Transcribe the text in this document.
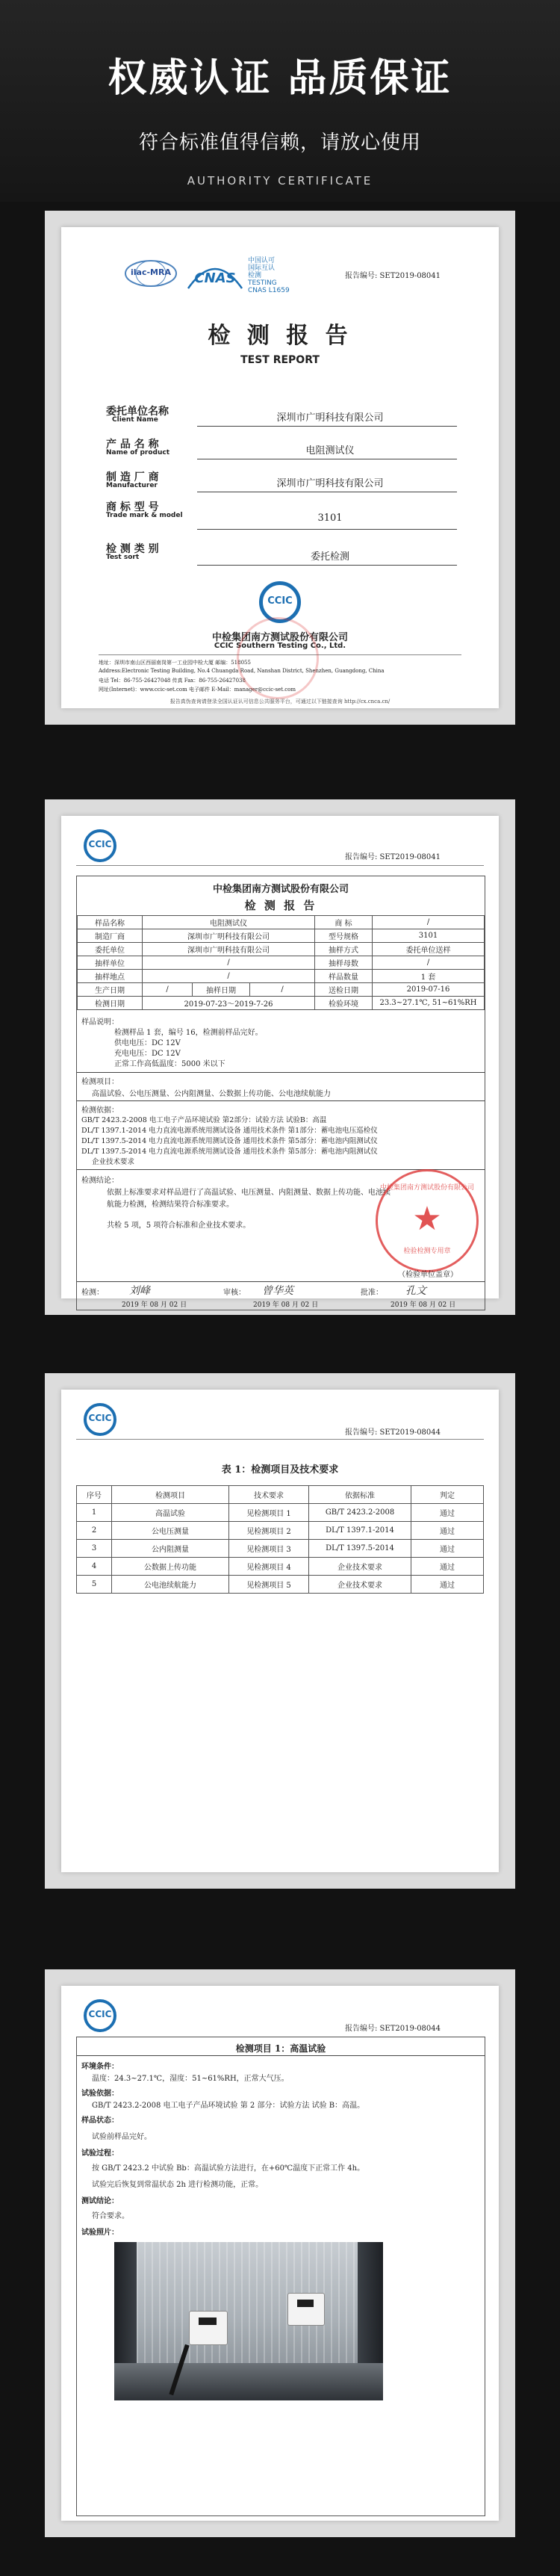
权威认证 品质保证
符合标准值得信赖，请放心使用
AUTHORITY CERTIFICATE
ilac-MRA	CNAS
中国认可
国际互认
检测
TESTING
CNAS L1659
报告编号: SET2019-08041
检 测 报 告
TEST REPORT
委托单位名称
Client Name	深圳市广明科技有限公司
产 品 名 称
Name of product	电阻测试仪
制 造 厂 商
Manufacturer	深圳市广明科技有限公司
商 标 型 号
Trade mark & model	3101
检 测 类 别
Test sort	委托检测
CCIC
中检集团南方测试股份有限公司
CCIC Southern Testing Co., Ltd.
地址：深圳市南山区西丽南岗第一工业园中检大厦 邮编：518055
Address:Electronic Testing Building, No.4 Chuangda Road, Nanshan District, Shenzhen, Guangdong, China
电话 Tel：86-755-26427048 传真 Fax：86-755-26427038
网址(Internet)：www.ccic-set.com 电子邮件 E-Mail：manager@ccic-set.com
报告真伪查询请登录全国认证认可信息公共服务平台，可通过以下链接查询 http://cx.cnca.cn/
CCIC
报告编号: SET2019-08041
中检集团南方测试股份有限公司
检 测 报 告
样品名称	电阻测试仪			商 标	/
制造厂商	深圳市广明科技有限公司			型号规格	3101
委托单位	深圳市广明科技有限公司			抽样方式	委托单位送样
抽样单位	/			抽样母数	/
抽样地点	/			样品数量	1 套
生产日期	/	抽样日期	/	送检日期	2019-07-16
检测日期	2019-07-23～2019-7-26			检验环境	23.3~27.1℃, 51~61%RH
样品说明：
检测样品 1 套，编号 16，检测前样品完好。
供电电压：DC 12V
充电电压：DC 12V
正常工作高低温度：5000 米以下
检测项目：
高温试验、公电压测量、公内阻测量、公数据上传功能、公电池续航能力
检测依据：
GB/T 2423.2-2008 电工电子产品环境试验 第2部分：试验方法 试验B：高温
DL/T 1397.1-2014 电力直流电源系统用测试设备 通用技术条件 第1部分：蓄电池电压巡检仪
DL/T 1397.5-2014 电力直流电源系统用测试设备 通用技术条件 第5部分：蓄电池内阻测试仪
DL/T 1397.5-2014 电力直流电源系统用测试设备 通用技术条件 第5部分：蓄电池内阻测试仪
企业技术要求
检测结论：
依据上标准要求对样品进行了高温试验、电压测量、内阻测量、数据上传功能、电池续
航能力检测，检测结果符合标准要求。
共检 5 项，5 项符合标准和企业技术要求。
中检集团南方测试股份有限公司
★
检验检测专用章
（检验单位盖章）
检测： 刘峰	审核： 曾华英	批准： 孔文
2019 年 08 月 02 日	2019 年 08 月 02 日	2019 年 08 月 02 日
CCIC
报告编号: SET2019-08044
表 1：检测项目及技术要求
序号	检测项目	技术要求	依据标准	判定
1	高温试验	见检测项目 1	GB/T 2423.2-2008	通过
2	公电压测量	见检测项目 2	DL/T 1397.1-2014	通过
3	公内阻测量	见检测项目 3	DL/T 1397.5-2014	通过
4	公数据上传功能	见检测项目 4	企业技术要求	通过
5	公电池续航能力	见检测项目 5	企业技术要求	通过
CCIC
报告编号: SET2019-08044
检测项目 1：高温试验
环境条件：
温度：24.3~27.1℃，湿度：51~61%RH，正常大气压。
试验依据：
GB/T 2423.2-2008 电工电子产品环境试验 第 2 部分：试验方法 试验 B：高温。
样品状态：
试验前样品完好。
试验过程：
按 GB/T 2423.2 中试验 Bb：高温试验方法进行，在+60℃温度下正常工作 4h。
试验完后恢复到常温状态 2h 进行检测功能，正常。
测试结论：
符合要求。
试验照片：
